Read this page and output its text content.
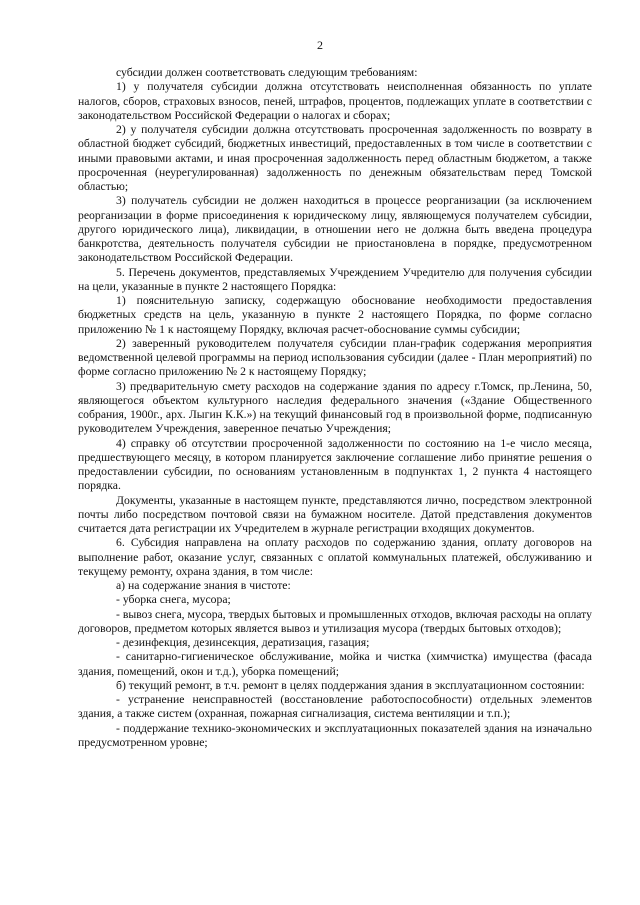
2

субсидии должен соответствовать следующим требованиям:

1) у получателя субсидии должна отсутствовать неисполненная обязанность по уплате налогов, сборов, страховых взносов, пеней, штрафов, процентов, подлежащих уплате в соответствии с законодательством Российской Федерации о налогах и сборах;

2) у получателя субсидии должна отсутствовать просроченная задолженность по возврату в областной бюджет субсидий, бюджетных инвестиций, предоставленных в том числе в соответствии с иными правовыми актами, и иная просроченная задолженность перед областным бюджетом, а также просроченная (неурегулированная) задолженность по денежным обязательствам перед Томской областью;

3) получатель субсидии не должен находиться в процессе реорганизации (за исключением реорганизации в форме присоединения к юридическому лицу, являющемуся получателем субсидии, другого юридического лица), ликвидации, в отношении него не должна быть введена процедура банкротства, деятельность получателя субсидии не приостановлена в порядке, предусмотренном законодательством Российской Федерации.

5. Перечень документов, представляемых Учреждением Учредителю для получения субсидии на цели, указанные в пункте 2 настоящего Порядка:

1) пояснительную записку, содержащую обоснование необходимости предоставления бюджетных средств на цель, указанную в пункте 2 настоящего Порядка, по форме согласно приложению № 1 к настоящему Порядку, включая расчет-обоснование суммы субсидии;

2) заверенный руководителем получателя субсидии план-график содержания мероприятия ведомственной целевой программы на период использования субсидии (далее - План мероприятий) по форме согласно приложению № 2 к настоящему Порядку;

3) предварительную смету расходов на содержание здания по адресу г.Томск, пр.Ленина, 50, являющегося объектом культурного наследия федерального значения («Здание Общественного собрания, 1900г., арх. Лыгин К.К.») на текущий финансовый год в произвольной форме, подписанную руководителем Учреждения, заверенное печатью Учреждения;

4) справку об отсутствии просроченной задолженности по состоянию на 1-е число месяца, предшествующего месяцу, в котором планируется заключение соглашение либо принятие решения о предоставлении субсидии, по основаниям установленным в подпунктах 1, 2 пункта 4 настоящего порядка.

Документы, указанные в настоящем пункте, представляются лично, посредством электронной почты либо посредством почтовой связи на бумажном носителе. Датой представления документов считается дата регистрации их Учредителем в журнале регистрации входящих документов.

6. Субсидия направлена на оплату расходов по содержанию здания, оплату договоров на выполнение работ, оказание услуг, связанных с оплатой коммунальных платежей, обслуживанию и текущему ремонту, охрана здания, в том числе:

а) на содержание знания в чистоте:

- уборка снега, мусора;

- вывоз снега, мусора, твердых бытовых и промышленных отходов, включая расходы на оплату договоров, предметом которых является вывоз и утилизация мусора (твердых бытовых отходов);

- дезинфекция, дезинсекция, дератизация, газация;

- санитарно-гигиеническое обслуживание, мойка и чистка (химчистка) имущества (фасада здания, помещений, окон и т.д.), уборка помещений;

б) текущий ремонт, в т.ч. ремонт в целях поддержания здания в эксплуатационном состоянии:

- устранение неисправностей (восстановление работоспособности) отдельных элементов здания, а также систем (охранная, пожарная сигнализация, система вентиляции и т.п.);

- поддержание технико-экономических и эксплуатационных показателей здания на изначально предусмотренном уровне;
